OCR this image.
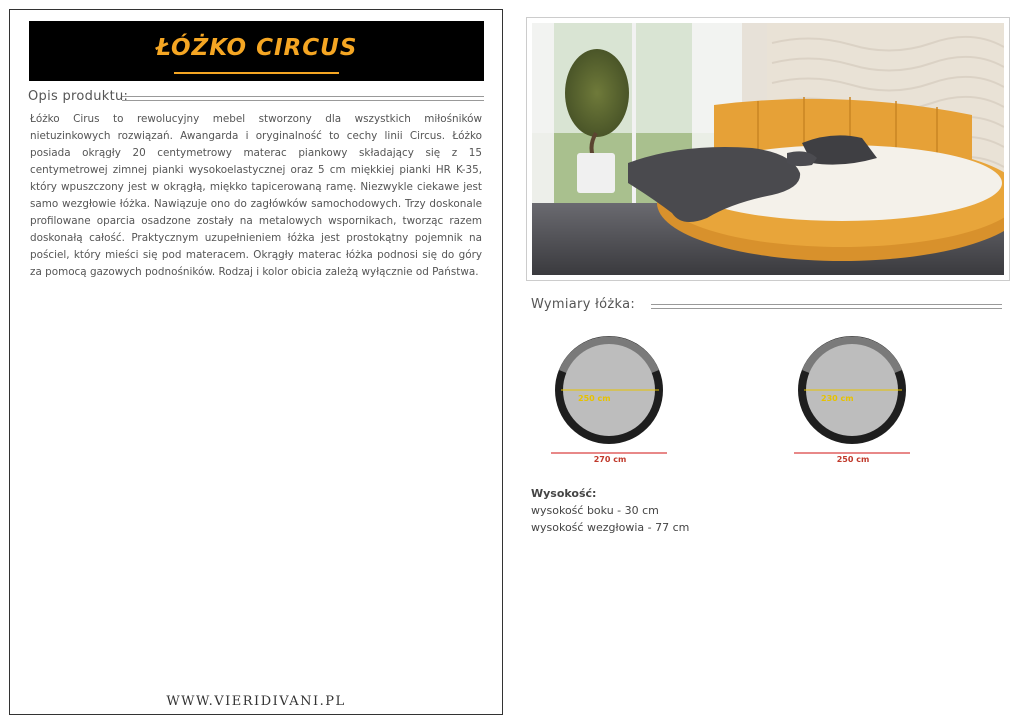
ŁÓŻKO CIRCUS
Opis produktu:
Łóżko Cirus to rewolucyjny mebel stworzony dla wszystkich miłośników nietuzinkowych rozwiązań. Awangarda i oryginalność to cechy linii Circus. Łóżko posiada okrągły 20 centymetrowy materac piankowy składający się z 15 centymetrowej zimnej pianki wysokoelastycznej oraz 5 cm miękkiej pianki HR K-35, który wpuszczony jest w okrągłą, miękko tapicerowaną ramę. Niezwykle ciekawe jest samo wezgłowie łóżka. Nawiązuje ono do zagłówków samochodowych. Trzy doskonale profilowane oparcia osadzone zostały na metalowych wspornikach, tworząc razem doskonałą całość. Praktycznym uzupełnieniem łóżka jest prostokątny pojemnik na pościel, który mieści się pod materacem. Okrągły materac łóżka podnosi się do góry za pomocą gazowych podnośników. Rodzaj i kolor obicia zależą wyłącznie od Państwa.
WWW.VIERIDIVANI.PL
Wymiary łóżka:
250 cm
270 cm
230 cm
250 cm
Wysokość:
wysokość boku - 30 cm
wysokość wezgłowia - 77 cm
